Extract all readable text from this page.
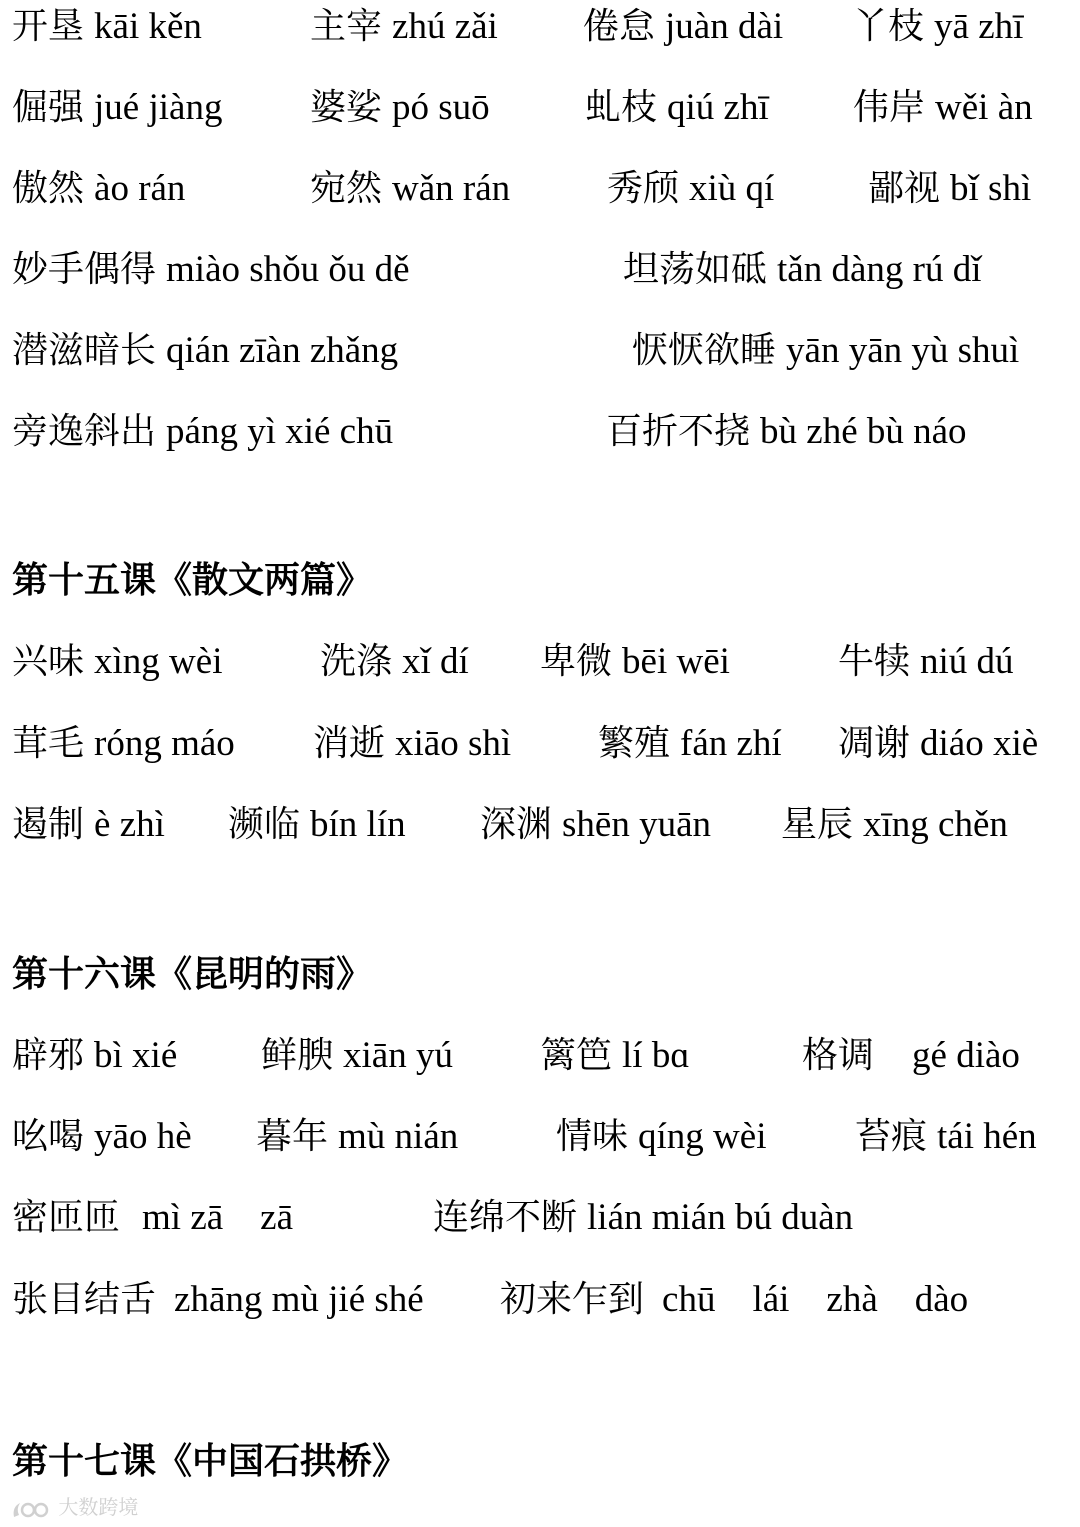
开垦 kāi kěn	主宰 zhú zǎi 倦怠 juàn dài 丫枝 yā zhī
倔强 jué jiàng 婆娑 pó suō	虬枝 qiú zhī 伟岸 wěi àn
傲然 ào rán	宛然 wǎn rán	秀颀 xiù qí	鄙视 bǐ shì
妙手偶得 miào shǒu ǒu dě	坦荡如砥 tǎn dàng rú dǐ
潜滋暗长 qián zīàn zhǎng	恹恹欲睡 yān yān yù shuì
旁逸斜出 páng yì xié chū	百折不挠 bù zhé bù náo
第十五课《散文两篇》
兴味 xìng wèi	洗涤 xǐ dí 卑微 bēi wēi	牛犊 niú dú
茸毛 róng máo 消逝 xiāo shì 繁殖 fán zhí 凋谢 diáo xiè
遏制 è zhì 濒临 bín lín 深渊 shēn yuān 星辰 xīng chěn
第十六课《昆明的雨》
辟邪 bì xié 鲜腴 xiān yú 篱笆 lí bɑ	格调 gé diào
吆喝 yāo hè 暮年 mù nián	情味 qíng wèi 苔痕 tái hén
密匝匝 mì zā　zā	连绵不断 lián mián bú duàn
张目结舌 zhāng mù jié shé 初来乍到 chū　lái　zhà　dào
第十七课《中国石拱桥》
大数跨境
